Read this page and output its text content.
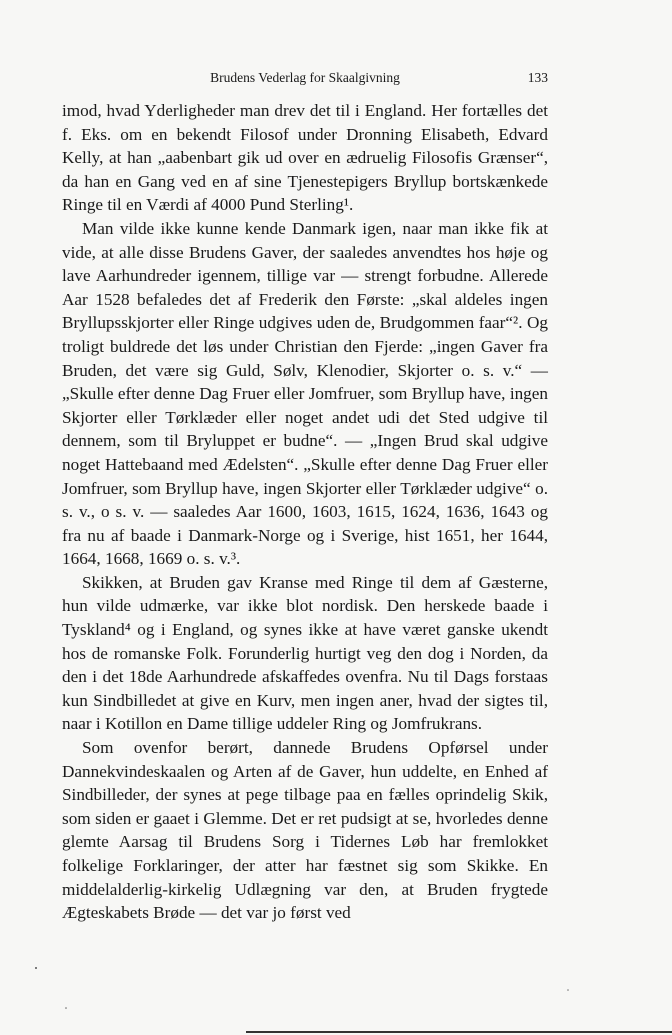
Brudens Vederlag for Skaalgivning	133

imod, hvad Yderligheder man drev det til i England. Her fortælles det f. Eks. om en bekendt Filosof under Dronning Elisabeth, Edvard Kelly, at han „aabenbart gik ud over en ædruelig Filosofis Grænser“, da han en Gang ved en af sine Tjenestepigers Bryllup bortskænkede Ringe til en Værdi af 4000 Pund Sterling¹.

Man vilde ikke kunne kende Danmark igen, naar man ikke fik at vide, at alle disse Brudens Gaver, der saaledes anvendtes hos høje og lave Aarhundreder igennem, tillige var — strengt forbudne. Allerede Aar 1528 befaledes det af Frederik den Første: „skal aldeles ingen Bryllupsskjorter eller Ringe udgives uden de, Brudgommen faar“². Og troligt buldrede det løs under Christian den Fjerde: „ingen Gaver fra Bruden, det være sig Guld, Sølv, Klenodier, Skjorter o. s. v.“ — „Skulle efter denne Dag Fruer eller Jomfruer, som Bryllup have, ingen Skjorter eller Tørklæder eller noget andet udi det Sted udgive til dennem, som til Bryluppet er budne“. — „Ingen Brud skal udgive noget Hattebaand med Ædelsten“. „Skulle efter denne Dag Fruer eller Jomfruer, som Bryllup have, ingen Skjorter eller Tørklæder udgive“ o. s. v., o s. v. — saaledes Aar 1600, 1603, 1615, 1624, 1636, 1643 og fra nu af baade i Danmark-Norge og i Sverige, hist 1651, her 1644, 1664, 1668, 1669 o. s. v.³.

Skikken, at Bruden gav Kranse med Ringe til dem af Gæsterne, hun vilde udmærke, var ikke blot nordisk. Den herskede baade i Tyskland⁴ og i England, og synes ikke at have været ganske ukendt hos de romanske Folk. Forunderlig hurtigt veg den dog i Norden, da den i det 18de Aarhundrede afskaffedes ovenfra. Nu til Dags forstaas kun Sindbilledet at give en Kurv, men ingen aner, hvad der sigtes til, naar i Kotillon en Dame tillige uddeler Ring og Jomfrukrans.

Som ovenfor berørt, dannede Brudens Opførsel under Dannekvindeskaalen og Arten af de Gaver, hun uddelte, en Enhed af Sindbilleder, der synes at pege tilbage paa en fælles oprindelig Skik, som siden er gaaet i Glemme. Det er ret pudsigt at se, hvorledes denne glemte Aarsag til Brudens Sorg i Tidernes Løb har fremlokket folkelige Forklaringer, der atter har fæstnet sig som Skikke. En middelalderlig-kirkelig Udlægning var den, at Bruden frygtede Ægteskabets Brøde — det var jo først ved
